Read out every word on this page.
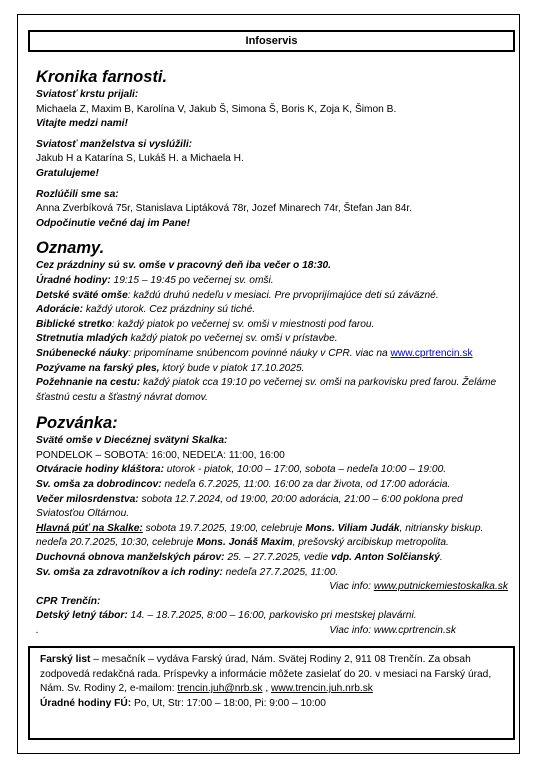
Infoservis
Kronika farnosti.

Sviatosť krstu prijali:

Michaela Z, Maxim B, Karolína V, Jakub Š, Simona Š, Boris K, Zoja K, Šimon B.

Vitajte medzi nami!

Sviatosť manželstva si vyslúžili:

Jakub H a Katarína S, Lukáš H. a Michaela H.

Gratulujeme!

Rozlúčili sme sa:

Anna Zverbíková 75r, Stanislava Liptáková 78r, Jozef Minarech 74r, Štefan Jan 84r.

Odpočinutie večné daj im Pane!

Oznamy.

Cez prázdniny sú sv. omše v pracovný deň iba večer o 18:30.

Úradné hodiny: 19:15 – 19:45 po večernej sv. omši.

Detské sväté omše: každú druhú nedeľu v mesiaci. Pre prvoprijímajúce deti sú záväzné.

Adorácie: každý utorok. Cez prázdniny sú tiché.

Biblické stretko: každý piatok po večernej sv. omši v miestnosti pod farou.

Stretnutia mladých každý piatok po večernej sv. omši v prístavbe.

Snúbenecké náuky: pripomíname snúbencom povinné náuky v CPR. viac na www.cprtrencin.sk

Pozývame na farský ples, ktorý bude v piatok 17.10.2025.

Požehnanie na cestu: každý piatok cca 19:10 po večernej sv. omši na parkovisku pred farou. Želáme šťastnú cestu a šťastný návrat domov.

Pozvánka:

Sväté omše v Diecéznej svätyni Skalka:

PONDELOK – SOBOTA: 16:00, NEDEĽA: 11:00, 16:00

Otváracie hodiny kláštora: utorok - piatok, 10:00 – 17:00, sobota – nedeľa 10:00 – 19:00.

Sv. omša za dobrodincov: nedeľa 6.7.2025, 11:00. 16:00 za dar života, od 17:00 adorácia.

Večer milosrdenstva: sobota 12.7.2024, od 19:00, 20:00 adorácia, 21:00 – 6:00 poklona pred Sviatosťou Oltárnou.

Hlavná púť na Skalke: sobota 19.7.2025, 19:00, celebruje Mons. Viliam Judák, nitriansky biskup. nedeľa 20.7.2025, 10:30, celebruje Mons. Jonáš Maxim, prešovský arcibiskup metropolita.

Duchovná obnova manželských párov: 25. – 27.7.2025, vedie vdp. Anton Solčianský.

Sv. omša za zdravotníkov a ich rodiny: nedeľa 27.7.2025, 11:00.

Viac info: www.putnickemiestoskalka.sk

CPR Trenčín:

Detský letný tábor: 14. – 18.7.2025, 8:00 – 16:00, parkovisko pri mestskej plavárni.

.	Viac info: www.cprtrencin.sk

Farský list – mesačník – vydáva Farský úrad, Nám. Svätej Rodiny 2, 911 08 Trenčín. Za obsah zodpovedá redakčná rada. Príspevky a informácie môžete zasielať do 20. v mesiaci na Farský úrad, Nám. Sv. Rodiny 2, e-mailom: trencin.juh@nrb.sk , www.trencin.juh.nrb.sk

Úradné hodiny FÚ: Po, Ut, Str: 17:00 – 18:00, Pi: 9:00 – 10:00
